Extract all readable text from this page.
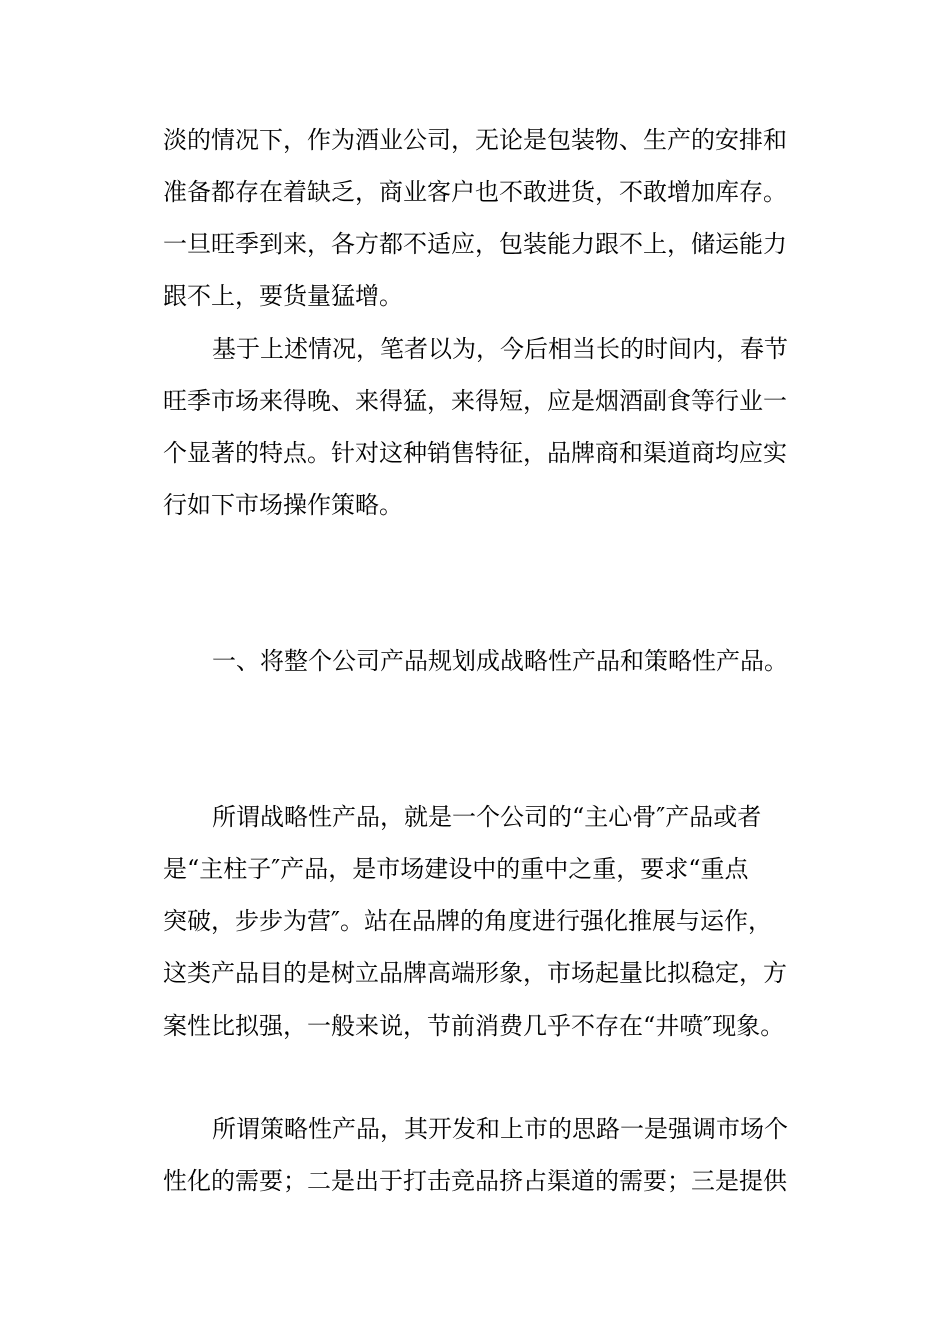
淡的情况下，作为酒业公司，无论是包装物、生产的安排和
准备都存在着缺乏，商业客户也不敢进货，不敢增加库存。
一旦旺季到来，各方都不适应，包装能力跟不上，储运能力
跟不上，要货量猛增。
基于上述情况，笔者以为，今后相当长的时间内，春节
旺季市场来得晚、来得猛，来得短，应是烟酒副食等行业一
个显著的特点。针对这种销售特征，品牌商和渠道商均应实
行如下市场操作策略。
一、将整个公司产品规划成战略性产品和策略性产品。
所谓战略性产品，就是一个公司的“主心骨″产品或者
是“主柱子″产品，是市场建设中的重中之重，要求“重点
突破，步步为营″。站在品牌的角度进行强化推展与运作，
这类产品目的是树立品牌高端形象，市场起量比拟稳定，方
案性比拟强，一般来说，节前消费几乎不存在“井喷″现象。
所谓策略性产品，其开发和上市的思路一是强调市场个
性化的需要；二是出于打击竞品挤占渠道的需要；三是提供
